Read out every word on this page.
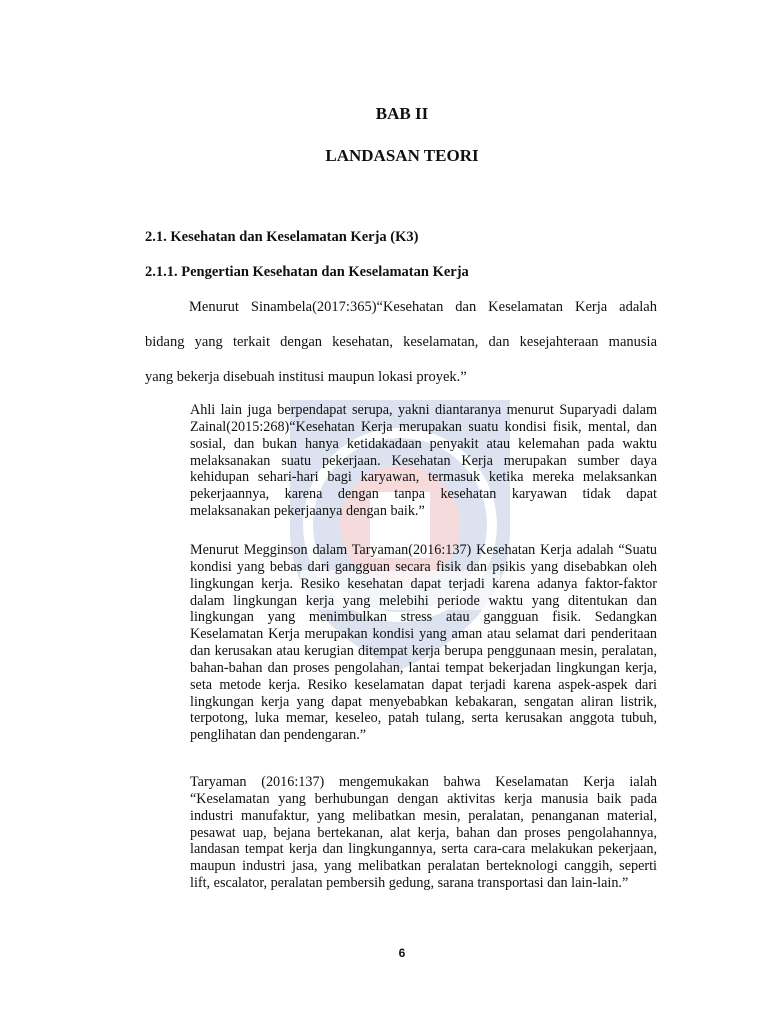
BAB II
LANDASAN TEORI
2.1. Kesehatan dan Keselamatan Kerja (K3)
2.1.1. Pengertian Kesehatan dan Keselamatan Kerja
Menurut Sinambela(2017:365)“Kesehatan dan Keselamatan Kerja adalah
bidang yang terkait dengan kesehatan, keselamatan, dan kesejahteraan manusia
yang bekerja disebuah institusi maupun lokasi proyek.”
Ahli lain juga berpendapat serupa, yakni diantaranya menurut Suparyadi dalam Zainal(2015:268)“Kesehatan Kerja merupakan suatu kondisi fisik, mental, dan sosial, dan bukan hanya ketidakadaan penyakit atau kelemahan pada waktu melaksanakan suatu pekerjaan. Kesehatan Kerja merupakan sumber daya kehidupan sehari-hari bagi karyawan, termasuk ketika mereka melaksankan pekerjaannya, karena dengan tanpa kesehatan karyawan tidak dapat melaksanakan pekerjaanya dengan baik.”
Menurut Megginson dalam Taryaman(2016:137) Kesehatan Kerja adalah “Suatu kondisi yang bebas dari gangguan secara fisik dan psikis yang disebabkan oleh lingkungan kerja. Resiko kesehatan dapat terjadi karena adanya faktor-faktor dalam lingkungan kerja yang melebihi periode waktu yang ditentukan dan lingkungan yang menimbulkan stress atau gangguan fisik. Sedangkan Keselamatan Kerja merupakan kondisi yang aman atau selamat dari penderitaan dan kerusakan atau kerugian ditempat kerja berupa penggunaan mesin, peralatan, bahan-bahan dan proses pengolahan, lantai tempat bekerjadan lingkungan kerja, seta metode kerja. Resiko keselamatan dapat terjadi karena aspek-aspek dari lingkungan kerja yang dapat menyebabkan kebakaran, sengatan aliran listrik, terpotong, luka memar, keseleo, patah tulang, serta kerusakan anggota tubuh, penglihatan dan pendengaran.”
Taryaman (2016:137) mengemukakan bahwa Keselamatan Kerja ialah “Keselamatan yang berhubungan dengan aktivitas kerja manusia baik pada industri manufaktur, yang melibatkan mesin, peralatan, penanganan material, pesawat uap, bejana bertekanan, alat kerja, bahan dan proses pengolahannya, landasan tempat kerja dan lingkungannya, serta cara-cara melakukan pekerjaan, maupun industri jasa, yang melibatkan peralatan berteknologi canggih, seperti lift, escalator, peralatan pembersih gedung, sarana transportasi dan lain-lain.”
6
